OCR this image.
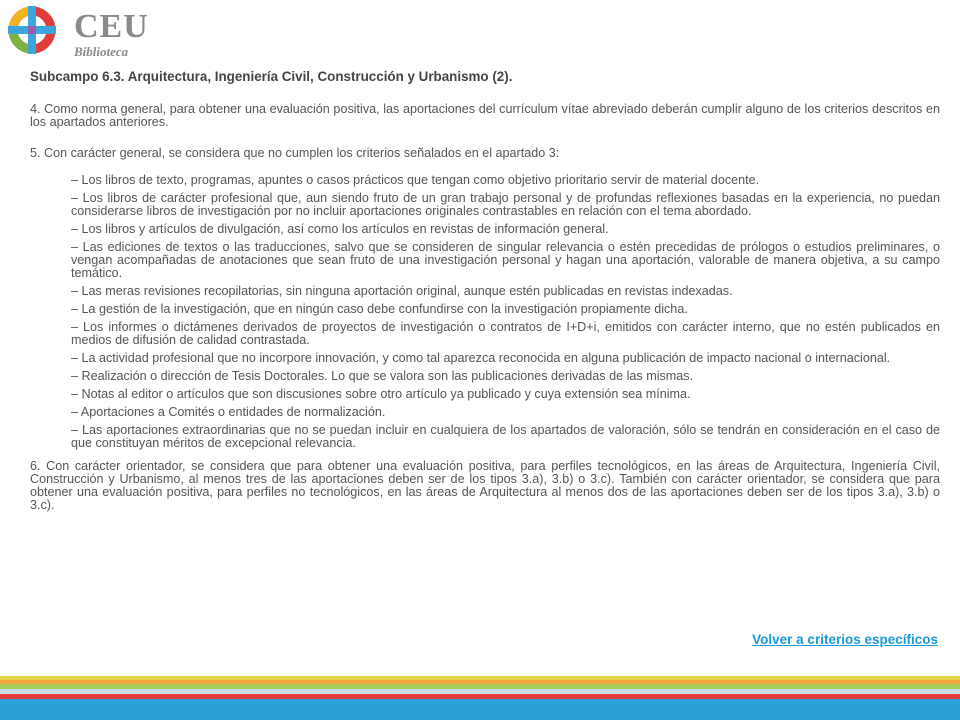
CEU
Biblioteca

Subcampo 6.3. Arquitectura, Ingeniería Civil, Construcción y Urbanismo (2).

4. Como norma general, para obtener una evaluación positiva, las aportaciones del currículum vítae abreviado deberán cumplir alguno de los criterios descritos en los apartados anteriores.

5. Con carácter general, se considera que no cumplen los criterios señalados en el apartado 3:

– Los libros de texto, programas, apuntes o casos prácticos que tengan como objetivo prioritario servir de material docente.
– Los libros de carácter profesional que, aun siendo fruto de un gran trabajo personal y de profundas reflexiones basadas en la experiencia, no puedan considerarse libros de investigación por no incluir aportaciones originales contrastables en relación con el tema abordado.
– Los libros y artículos de divulgación, así como los artículos en revistas de información general.
– Las ediciones de textos o las traducciones, salvo que se consideren de singular relevancia o estén precedidas de prólogos o estudios preliminares, o vengan acompañadas de anotaciones que sean fruto de una investigación personal y hagan una aportación, valorable de manera objetiva, a su campo temático.
– Las meras revisiones recopilatorias, sin ninguna aportación original, aunque estén publicadas en revistas indexadas.
– La gestión de la investigación, que en ningún caso debe confundirse con la investigación propiamente dicha.
– Los informes o dictámenes derivados de proyectos de investigación o contratos de I+D+i, emitidos con carácter interno, que no estén publicados en medios de difusión de calidad contrastada.
– La actividad profesional que no incorpore innovación, y como tal aparezca reconocida en alguna publicación de impacto nacional o internacional.
– Realización o dirección de Tesis Doctorales. Lo que se valora son las publicaciones derivadas de las mismas.
– Notas al editor o artículos que son discusiones sobre otro artículo ya publicado y cuya extensión sea mínima.
– Aportaciones a Comités o entidades de normalización.
– Las aportaciones extraordinarias que no se puedan incluir en cualquiera de los apartados de valoración, sólo se tendrán en consideración en el caso de que constituyan méritos de excepcional relevancia.

6. Con carácter orientador, se considera que para obtener una evaluación positiva, para perfiles tecnológicos, en las áreas de Arquitectura, Ingeniería Civil, Construcción y Urbanismo, al menos tres de las aportaciones deben ser de los tipos 3.a), 3.b) o 3.c). También con carácter orientador, se considera que para obtener una evaluación positiva, para perfiles no tecnológicos, en las áreas de Arquitectura al menos dos de las aportaciones deben ser de los tipos 3.a), 3.b) o 3.c).

Volver a criterios específicos
